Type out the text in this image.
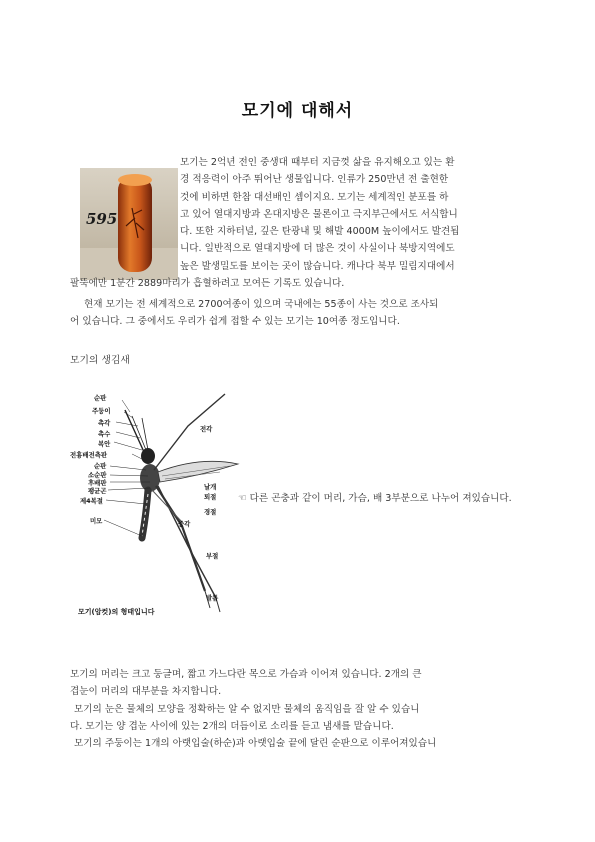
모기에 대해서
595
모기는 2억년 전인 중생대 때부터 지금껏 삶을 유지해오고 있는 환
경 적응력이 아주 뛰어난 생물입니다. 인류가 250만년 전 출현한
것에 비하면 한참 대선배인 셈이지요. 모기는 세계적인 분포를 하
고 있어 열대지방과 온대지방은 물론이고 극지부근에서도 서식합니
다. 또한 지하터널, 깊은 탄광내 및 해발 4000M 높이에서도 발견됩
니다. 일반적으로 열대지방에 더 많은 것이 사실이나 북방지역에도
높은 발생밀도를 보이는 곳이 많습니다. 캐나다 북부 밀림지대에서
팔뚝에만 1분간 2889마리가 흡혈하려고 모여든 기록도 있습니다.
현재 모기는 전 세계적으로 2700여종이 있으며 국내에는 55종이 사는 것으로 조사되
어 있습니다. 그 중에서도 우리가 쉽게 접할 수 있는 모기는 10여종 정도입니다.
모기의 생김새
순판
주둥이
촉각
촉수
복안
전흉배전측판
순판
소순판
후배판
팽균곤
제4복절
미모
전각
날개
퇴절
경절
중각
부절
발톱
모기(암컷)의 형태입니다
☜ 다른 곤충과 같이 머리, 가슴, 배 3부분으로 나누어 져있습니다.
모기의 머리는 크고 둥글며, 짧고 가느다란 목으로 가슴과 이어져 있습니다. 2개의 큰
겹눈이 머리의 대부분을 차지합니다.
모기의 눈은 물체의 모양을 정확하는 알 수 없지만 물체의 움직임을 잘 알 수 있습니
다. 모기는 양 겹눈 사이에 있는 2개의 더듬이로 소리를 듣고 냄새를 맡습니다.
모기의 주둥이는 1개의 아랫입술(하순)과 아랫입술 끝에 달린 순판으로 이루어져있습니
